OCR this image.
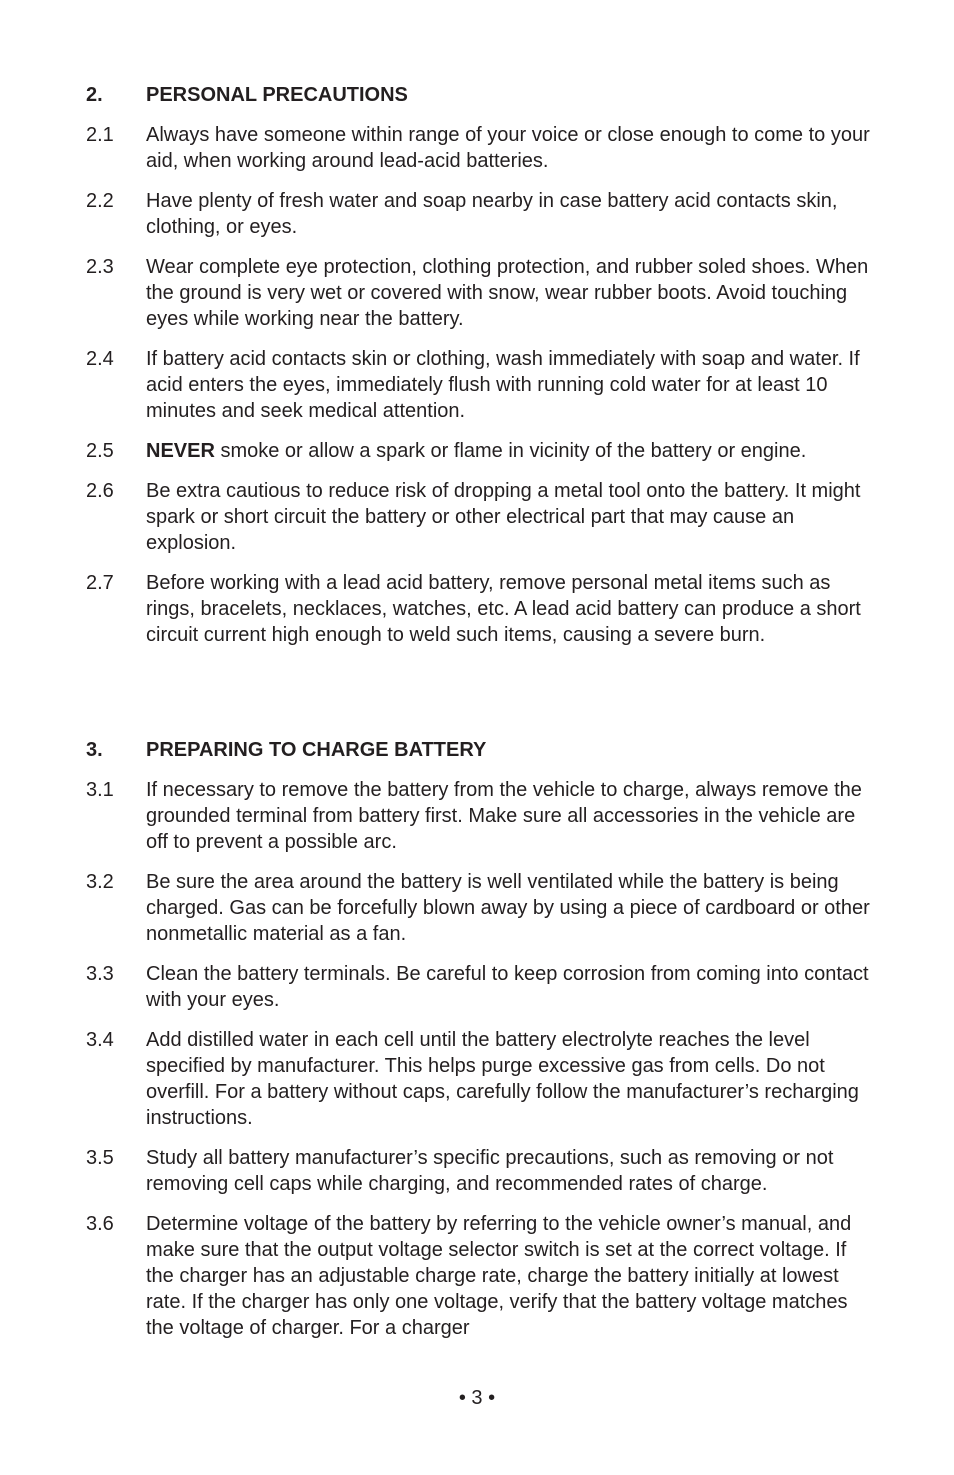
2.	PERSONAL PRECAUTIONS
2.1	Always have someone within range of your voice or close enough to come to your aid, when working around lead-acid batteries.
2.2	Have plenty of fresh water and soap nearby in case battery acid contacts skin, clothing, or eyes.
2.3	Wear complete eye protection, clothing protection, and rubber soled shoes. When the ground is very wet or covered with snow, wear rubber boots. Avoid touching eyes while working near the battery.
2.4	If battery acid contacts skin or clothing, wash immediately with soap and water. If acid enters the eyes, immediately flush with running cold water for at least 10 minutes and seek medical attention.
2.5	NEVER smoke or allow a spark or flame in vicinity of the battery or engine.
2.6	Be extra cautious to reduce risk of dropping a metal tool onto the battery. It might spark or short circuit the battery or other electrical part that may cause an explosion.
2.7	Before working with a lead acid battery, remove personal metal items such as rings, bracelets, necklaces, watches, etc. A lead acid battery can produce a short circuit current high enough to weld such items, causing a severe burn.
3.	PREPARING TO CHARGE BATTERY
3.1	If necessary to remove the battery from the vehicle to charge, always remove the grounded terminal from battery first. Make sure all accessories in the vehicle are off to prevent a possible arc.
3.2	Be sure the area around the battery is well ventilated while the battery is being charged. Gas can be forcefully blown away by using a piece of cardboard or other nonmetallic material as a fan.
3.3	Clean the battery terminals. Be careful to keep corrosion from coming into contact with your eyes.
3.4	Add distilled water in each cell until the battery electrolyte reaches the level specified by manufacturer. This helps purge excessive gas from cells. Do not overfill. For a battery without caps, carefully follow the manufacturer’s recharging instructions.
3.5	Study all battery manufacturer’s specific precautions, such as removing or not removing cell caps while charging, and recommended rates of charge.
3.6	Determine voltage of the battery by referring to the vehicle owner’s manual, and make sure that the output voltage selector switch is set at the correct voltage. If the charger has an adjustable charge rate, charge the battery initially at lowest rate. If the charger has only one voltage, verify that the battery voltage matches the voltage of charger. For a charger
• 3 •
